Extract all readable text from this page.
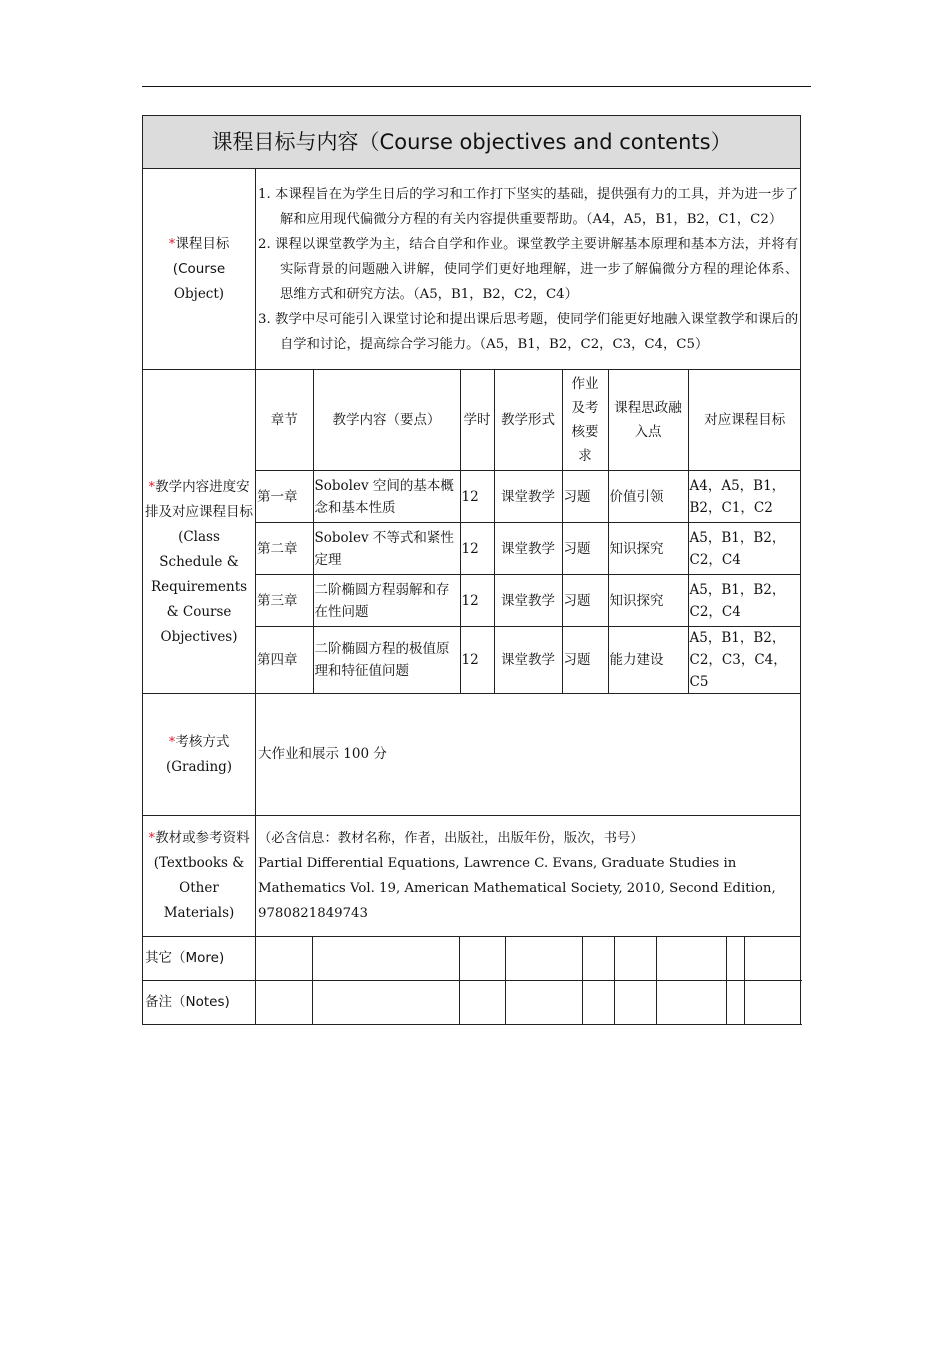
课程目标与内容（Course objectives and contents）

*课程目标(Course
Object)

1. 本课程旨在为学生日后的学习和工作打下坚实的基础，提供强有力的工具，并为进一步了解和应用现代偏微分方程的有关内容提供重要帮助。（A4，A5，B1，B2，C1，C2）
2. 课程以课堂教学为主，结合自学和作业。课堂教学主要讲解基本原理和基本方法，并将有实际背景的问题融入讲解，使同学们更好地理解，进一步了解偏微分方程的理论体系、思维方式和研究方法。（A5，B1，B2，C2，C4）
3. 教学中尽可能引入课堂讨论和提出课后思考题，使同学们能更好地融入课堂教学和课后的自学和讨论，提高综合学习能力。（A5，B1，B2，C2，C3，C4，C5）

*教学内容进度安排及对应课程目标
(Class Schedule & Requirements & Course Objectives)

章节	教学内容（要点）	学时	教学形式	作业及考核要求	课程思政融入点	对应课程目标
第一章	Sobolev 空间的基本概念和基本性质	12	课堂教学	习题	价值引领	A4，A5，B1，B2，C1，C2
第二章	Sobolev 不等式和紧性定理	12	课堂教学	习题	知识探究	A5，B1，B2，C2，C4
第三章	二阶椭圆方程弱解和存在性问题	12	课堂教学	习题	知识探究	A5，B1，B2，C2，C4
第四章	二阶椭圆方程的极值原理和特征值问题	12	课堂教学	习题	能力建设	A5，B1，B2，C2，C3，C4，C5

*考核方式
(Grading)
	大作业和展示 100 分

*教材或参考资料
(Textbooks & Other Materials)

（必含信息：教材名称，作者，出版社，出版年份，版次，书号）
Partial Differential Equations, Lawrence C. Evans, Graduate Studies in Mathematics Vol. 19, American Mathematical Society, 2010, Second Edition, 9780821849743

其它（More)									
备注（Notes)									
